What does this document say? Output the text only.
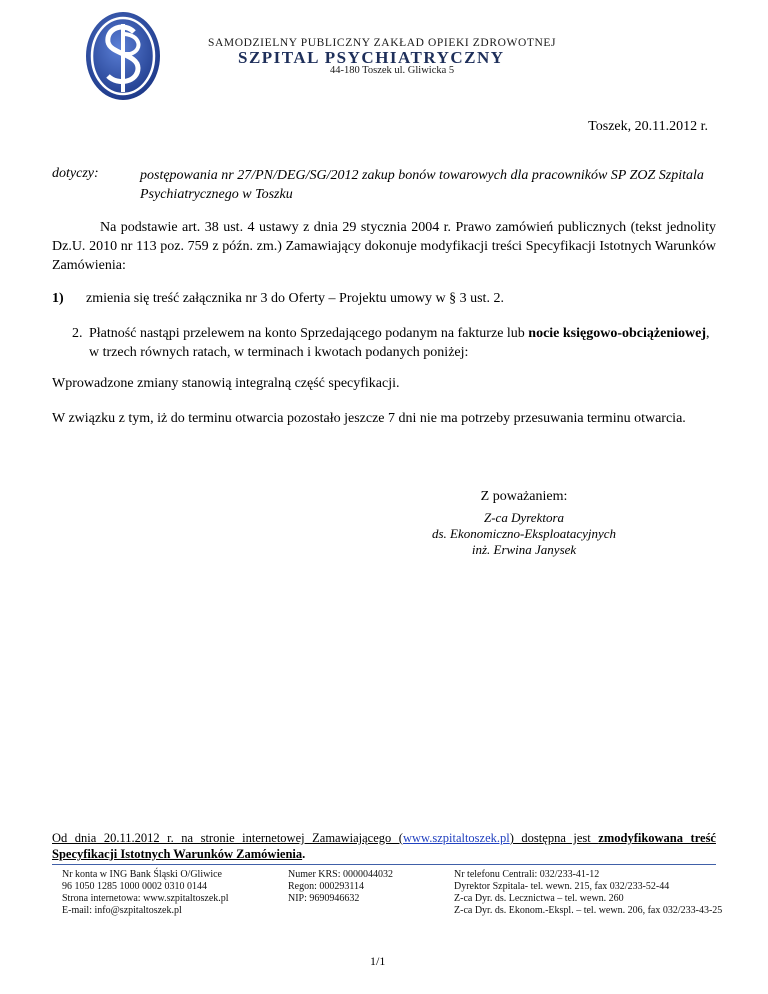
SAMODZIELNY PUBLICZNY ZAKŁAD OPIEKI ZDROWOTNEJ
SZPITAL PSYCHIATRYCZNY
44-180 Toszek ul. Gliwicka 5
Toszek, 20.11.2012 r.
dotyczy:	postępowania nr 27/PN/DEG/SG/2012 zakup bonów towarowych dla pracowników SP ZOZ Szpitala Psychiatrycznego w Toszku
Na podstawie art. 38 ust. 4 ustawy z dnia 29 stycznia 2004 r. Prawo zamówień publicznych (tekst jednolity Dz.U. 2010 nr 113 poz. 759 z późn. zm.) Zamawiający dokonuje modyfikacji treści Specyfikacji Istotnych Warunków Zamówienia:
1) zmienia się treść załącznika nr 3 do Oferty – Projektu umowy w § 3 ust. 2.
2. Płatność nastąpi przelewem na konto Sprzedającego podanym na fakturze lub nocie księgowo-obciążeniowej, w trzech równych ratach, w terminach i kwotach podanych poniżej:
Wprowadzone zmiany stanowią integralną część specyfikacji.
W związku z tym, iż do terminu otwarcia pozostało jeszcze 7 dni nie ma potrzeby przesuwania terminu otwarcia.
Z poważaniem:
Z-ca Dyrektora
ds. Ekonomiczno-Eksploatacyjnych
inż. Erwina Janysek
Od dnia 20.11.2012 r. na stronie internetowej Zamawiającego (www.szpitaltoszek.pl) dostępna jest zmodyfikowana treść Specyfikacji Istotnych Warunków Zamówienia.
Nr konta w ING Bank Śląski O/Gliwice
96 1050 1285 1000 0002 0310 0144
Strona internetowa: www.szpitaltoszek.pl
E-mail: info@szpitaltoszek.pl
Numer KRS: 0000044032
Regon: 000293114
NIP: 9690946632
Nr telefonu Centrali: 032/233-41-12
Dyrektor Szpitala- tel. wewn. 215, fax 032/233-52-44
Z-ca Dyr. ds. Lecznictwa – tel. wewn. 260
Z-ca Dyr. ds. Ekonom.-Ekspl. – tel. wewn. 206, fax 032/233-43-25
1/1
